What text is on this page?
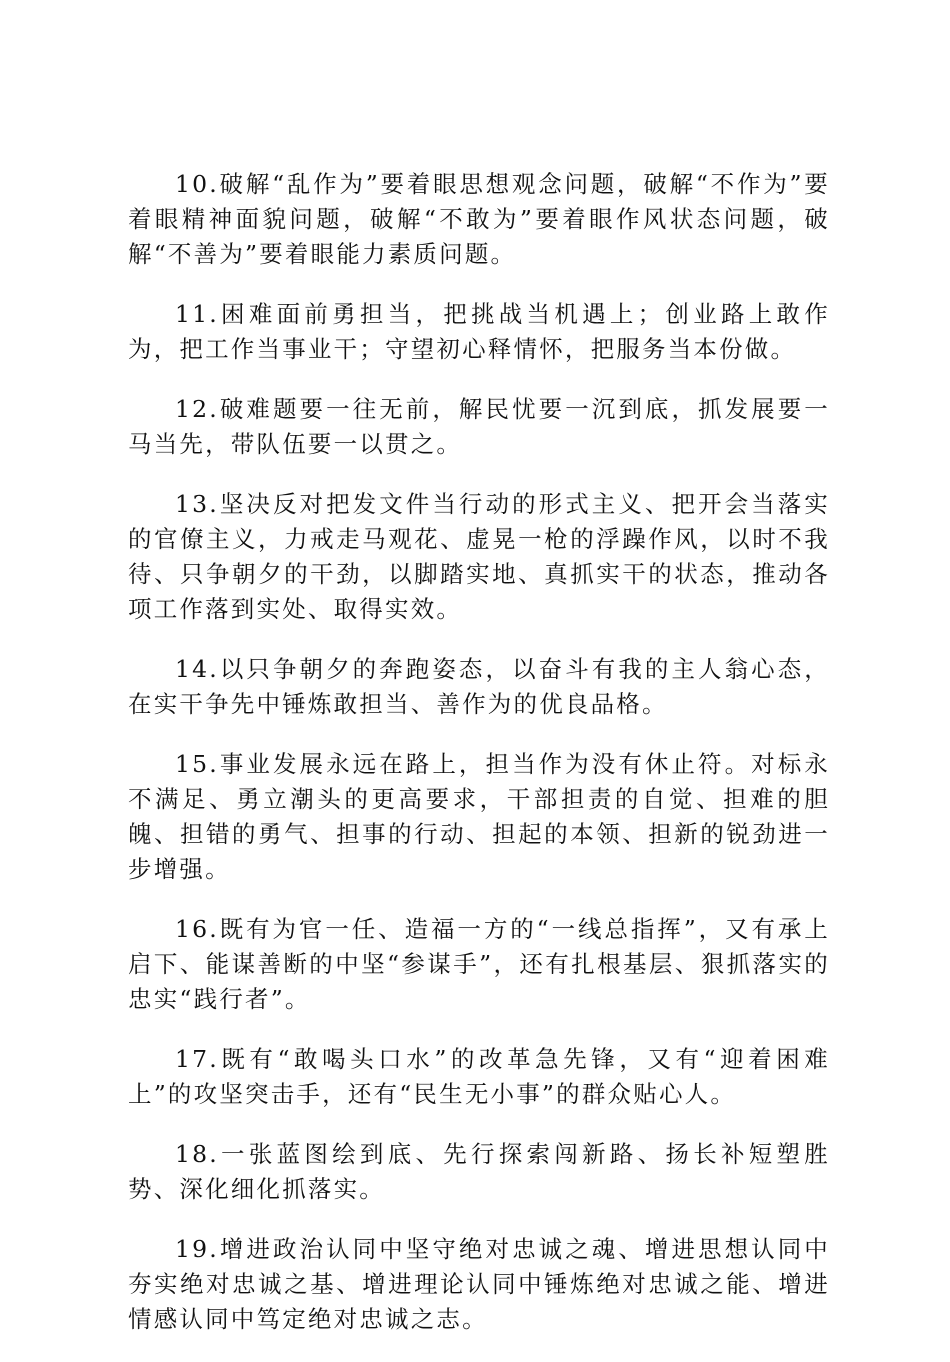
10.破解“乱作为”要着眼思想观念问题，破解“不作为”要着眼精神面貌问题，破解“不敢为”要着眼作风状态问题，破解“不善为”要着眼能力素质问题。

11.困难面前勇担当，把挑战当机遇上；创业路上敢作为，把工作当事业干；守望初心释情怀，把服务当本份做。

12.破难题要一往无前，解民忧要一沉到底，抓发展要一马当先，带队伍要一以贯之。

13.坚决反对把发文件当行动的形式主义、把开会当落实的官僚主义，力戒走马观花、虚晃一枪的浮躁作风，以时不我待、只争朝夕的干劲，以脚踏实地、真抓实干的状态，推动各项工作落到实处、取得实效。

14.以只争朝夕的奔跑姿态，以奋斗有我的主人翁心态，在实干争先中锤炼敢担当、善作为的优良品格。

15.事业发展永远在路上，担当作为没有休止符。对标永不满足、勇立潮头的更高要求，干部担责的自觉、担难的胆魄、担错的勇气、担事的行动、担起的本领、担新的锐劲进一步增强。

16.既有为官一任、造福一方的“一线总指挥”，又有承上启下、能谋善断的中坚“参谋手”，还有扎根基层、狠抓落实的忠实“践行者”。

17.既有“敢喝头口水”的改革急先锋，又有“迎着困难上”的攻坚突击手，还有“民生无小事”的群众贴心人。

18.一张蓝图绘到底、先行探索闯新路、扬长补短塑胜势、深化细化抓落实。

19.增进政治认同中坚守绝对忠诚之魂、增进思想认同中夯实绝对忠诚之基、增进理论认同中锤炼绝对忠诚之能、增进情感认同中笃定绝对忠诚之志。
